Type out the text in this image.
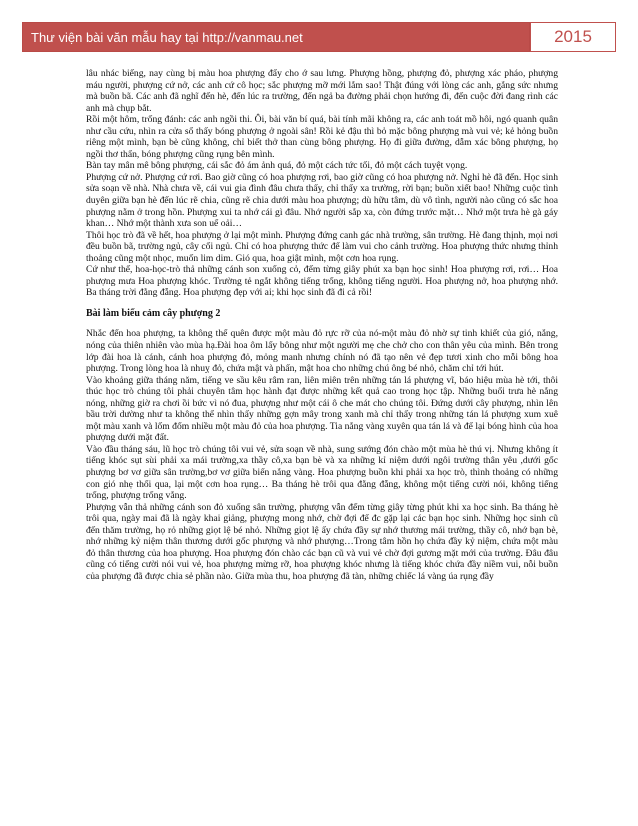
Thư viện bài văn mẫu hay tại http://vanmau.net	2015

lâu nhác biếng, nay cùng bị màu hoa phượng đẩy cho ớ sau lưng. Phượng hồng, phượng đỏ, phượng xác pháo, phượng máu người, phượng cứ nở, các anh cứ cô học; sắc phượng mỡ mới lắm sao! Thật đúng với lòng các anh, gắng sức nhưng mà buồn bã. Các anh đã nghĩ đến hè, đến lúc ra trường, đến ngả ba đường phải chọn hướng đi, đến cuộc đời đang rình các anh mà chụp bắt.

Rồi một hôm, trống đánh: các anh ngồi thi. Ôi, bài văn bí quá, bài tính mãi không ra, các anh toát mồ hôi, ngó quanh quân như cầu cứu, nhìn ra cửa sổ thấy bóng phượng ở ngoài sân! Rồi kẻ đậu thì bỏ mặc bông phượng mà vui vẻ; kẻ hỏng buồn riêng một mình, bạn bè cũng không, chỉ biết thở than cùng bông phượng. Họ đi giữa đường, dẫm xác bông phượng, họ ngồi thơ thẩn, bóng phượng cũng rụng bên mình.

Bàn tay mân mê bông phượng, cái sắc đỏ ám ảnh quá, đỏ một cách tức tối, đỏ một cách tuyệt vọng.

Phượng cứ nở. Phượng cứ rơi. Bao giờ cũng có hoa phượng rơi, bao giờ cũng có hoa phượng nở. Nghỉ hè đã đến. Học sinh sửa soạn về nhà. Nhà chưa về, cái vui gia đình đâu chưa thấy, chỉ thấy xa trường, rời bạn; buồn xiết bao! Những cuộc tình duyên giữa bạn hè đến lúc rẽ chia, cũng rẽ chia dưới màu hoa phượng; dù hữu tâm, dù vô tình, người nào cũng có sắc hoa phượng nằm ở trong hồn. Phượng xui ta nhớ cái gì đâu. Nhớ người sắp xa, còn đứng trước mặt… Nhớ một trưa hè gà gáy khan… Nhớ một thành xưa son uể oải…

Thôi học trò đã về hết, hoa phượng ở lại một mình. Phượng đứng canh gác nhà trường, sân trường. Hè đang thịnh, mọi nơi đều buồn bã, trường ngủ, cây cối ngủ. Chỉ có hoa phượng thức để làm vui cho cảnh trường. Hoa phượng thức nhưng thỉnh thoảng cũng một nhọc, muốn lim dim. Gió qua, hoa giật mình, một cơn hoa rụng.

Cứ như thế, hoa-học-trò thả những cánh son xuống cỏ, đếm từng giây phút xa bạn học sinh! Hoa phượng rơi, rơi… Hoa phượng mưa Hoa phượng khóc. Trường tẻ ngắt không tiếng trống, không tiếng người. Hoa phượng nở, hoa phượng nhớ. Ba tháng trời đằng đẵng. Hoa phượng đẹp với ai; khi học sinh đã đi cả rồi!

Bài làm biểu cảm cây phượng 2

Nhắc đến hoa phượng, ta không thể quên được một màu đỏ rực rỡ của nó-một màu đỏ nhờ sự tinh khiết của gió, nắng, nóng của thiên nhiên vào mùa hạ.Đài hoa ôm lấy bông như một người mẹ che chở cho con thân yêu của mình. Bên trong lớp đài hoa là cánh, cánh hoa phượng đỏ, mỏng manh nhưng chính nó đã tạo nên vẻ đẹp tươi xinh cho mỗi bông hoa phượng. Trong lòng hoa là nhuỵ đỏ, chứa mật và phấn, mật hoa cho những chú ông bé nhỏ, chăm chỉ tới hút.

Vào khoảng giữa tháng năm, tiếng ve sầu kêu râm ran, liên miên trên những tán lá phượng vĩ, báo hiệu mùa hè tới, thôi thúc học trò chúng tôi phải chuyên tâm học hành đạt được những kết quả cao trong học tập. Những buổi trưa hè nắng nóng, những giờ ra chơi ồi bức vì nó đua, phượng như một cái ô che mát cho chúng tôi. Đứng dưới cây phượng, nhìn lên bầu trời dường như ta không thể nhìn thấy những gợn mây trong xanh mà chỉ thấy trong những tán lá phượng xum xuê một màu xanh và lốm đốm nhiều một màu đỏ của hoa phượng. Tia nắng vàng xuyên qua tán lá và để lại bóng hình của hoa phượng dưới mặt đất.

Vào đầu tháng sáu, lũ học trò chúng tôi vui vẻ, sửa soạn về nhà, sung sướng đón chào một mùa hè thú vị. Nhưng không ít tiếng khóc sụt sùi phải xa mái trường,xa thầy cô,xa bạn bè và xa những kỉ niệm dưới ngôi trường thân yêu ,dưới gốc phượng bơ vơ giữa sân trường,bơ vơ giữa biển nắng vàng. Hoa phượng buồn khi phải xa học trò, thình thoảng có những con gió nhẹ thổi qua, lại một cơn hoa rụng… Ba tháng hè trôi qua đằng đẵng, không một tiếng cười nói, không tiếng trống, phượng trống vắng.

Phượng vẫn thả những cánh son đỏ xuống sân trường, phượng vẫn đếm từng giây từng phút khi xa học sinh. Ba tháng hè trôi qua, ngày mai đã là ngày khai giảng, phượng mong nhớ, chờ đợi để đc gặp lại các bạn học sinh. Những học sinh cũ đến thăm trường, họ rỏ những giọt lệ bé nhỏ. Những giọt lệ ấy chứa đầy sự nhớ thương mái trường, thầy cô, nhớ bạn bè, nhớ những kỷ niệm thân thương dưới gốc phượng và nhớ phượng…Trong tâm hồn họ chứa đầy kỷ niệm, chứa một màu đỏ thân thương của hoa phượng. Hoa phượng đón chào các bạn cũ và vui vẻ chờ đợi gương mặt mới của trường. Đâu đâu cũng có tiếng cười nói vui vẻ, hoa phượng mừng rỡ, hoa phượng khóc nhưng là tiếng khóc chứa đầy niềm vui, nỗi buồn của phượng đã được chia sẻ phần nào. Giữa mùa thu, hoa phượng đã tàn, những chiếc lá vàng úa rụng đầy
